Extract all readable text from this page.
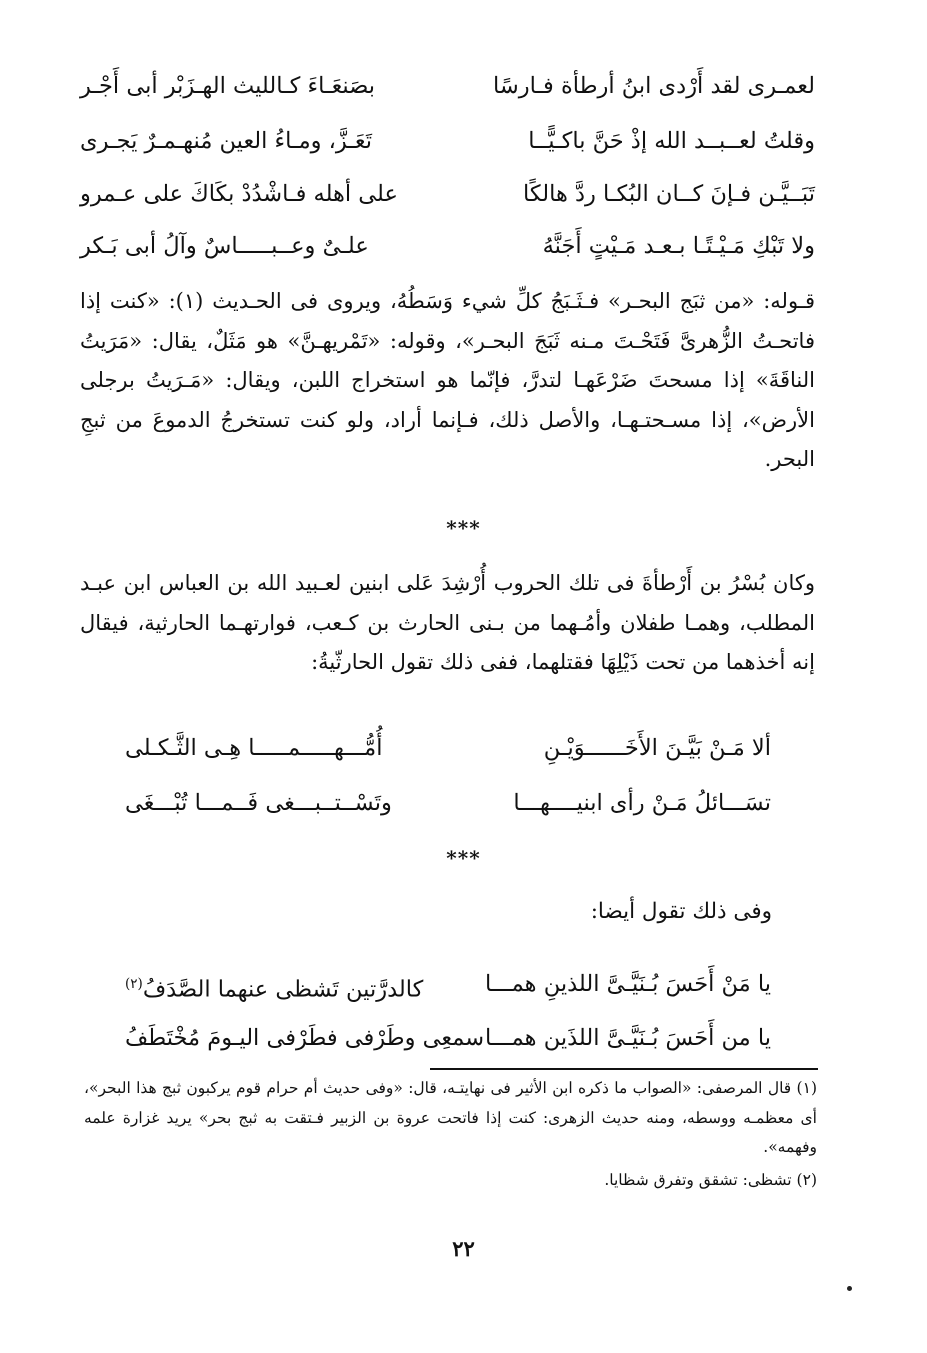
لعمـرى لقد أَرْدى ابنُ أرطأة فـارسًا
بصَنعَـاءَ كـالليث الهـزَبْر أبى أَجْـر
وقلتُ لعــبــد الله إذْ حَنَّ باكـيًّــا
تَعَـزَّ، ومـاءُ العين مُنهـمـرٌ يَجـرى
تَبَــيَّـن فـإنَ كــان البُكـا ردَّ هالكًا
على أهله فـاشْدُدْ بكَاكَ على عـمرو
ولا تَبْكِ مَـيْـتًـا بـعـد مَـيْتٍ أَجَنَّهُ
علـىٌ وعــبـــــاسٌ وآلُ أبى بَـكر
قـوله: «من ثبَج البحـر» فـثَـبَجُ كلِّ شيء وَسَطُهُ، ويروى فى الحـديث (١): «كنت إذا فاتحـتُ الزُّهرىَّ فَتَحْـتَ مـنه ثَبَجَ البحـر»، وقوله: «تَمْريهـنَّ» هو مَثَلٌ، يقال: «مَرَيتُ الناقَةَ» إذا مسحتَ ضَرْعَهـا لتدرَّ، فإنّما هو استخراج اللبن، ويقال: «مَـرَيتُ برجلى الأرض»، إذا مسـحتـهـا، والأصل ذلك، فـإنما أراد، ولو كنت تستخرجُ الدموعَ من ثبجِ البحر.
***
وكان بُسْرُ بن أَرْطأةَ فى تلك الحروب أُرْشِدَ عَلى ابنين لعـبيد الله بن العباس ابن عبـد المطلب، وهمـا طفلان وأمُـهما من بـنى الحارث بن كـعب، فوارتهـما الحارثية، فيقال إنه أخذهما من تحت ذَيْلِهَا فقتلهما، ففى ذلك تقول الحارثّيةُ:
ألا مَـنْ بَيَّـنَ الأَخَــــــوَيْـنِ
أُمُّـــهـــــمـــــا هِـى الثَّـكـلى
تسَـــائلُ مَـنْ رأى ابنيــــهـــا
وتَسْــتــبـــغى فَــمـــا تُبْـــغَى
***
وفى ذلك تقول أيضا:
يا مَنْ أَحَسَ بُـنَيَّـىَّ اللذينِ همـــا
كالدرَّتين تَشظى عنهما الصَّدَفُ$^{(٢)}$
يا من أَحَسَ بُـنَيَّـىَّ اللذَين همـــا
سمعِى وطَرْفى فطَرْفى اليـومَ مُخْتَطَفُ
(١) قال المرصفى: «الصواب ما ذكره ابن الأثير فى نهايتـه، قال: «وفى حديث أم حرام قوم يركبون ثبج هذا البحر»، أى معظمـه ووسطه، ومنه حديث الزهرى: كنت إذا فاتحت عروة بن الزبير فـتقت به ثبج بحر» يريد غزارة علمه وفهمه».
(٢) تشظى: تشقق وتفرق شظايا.
٢٢
